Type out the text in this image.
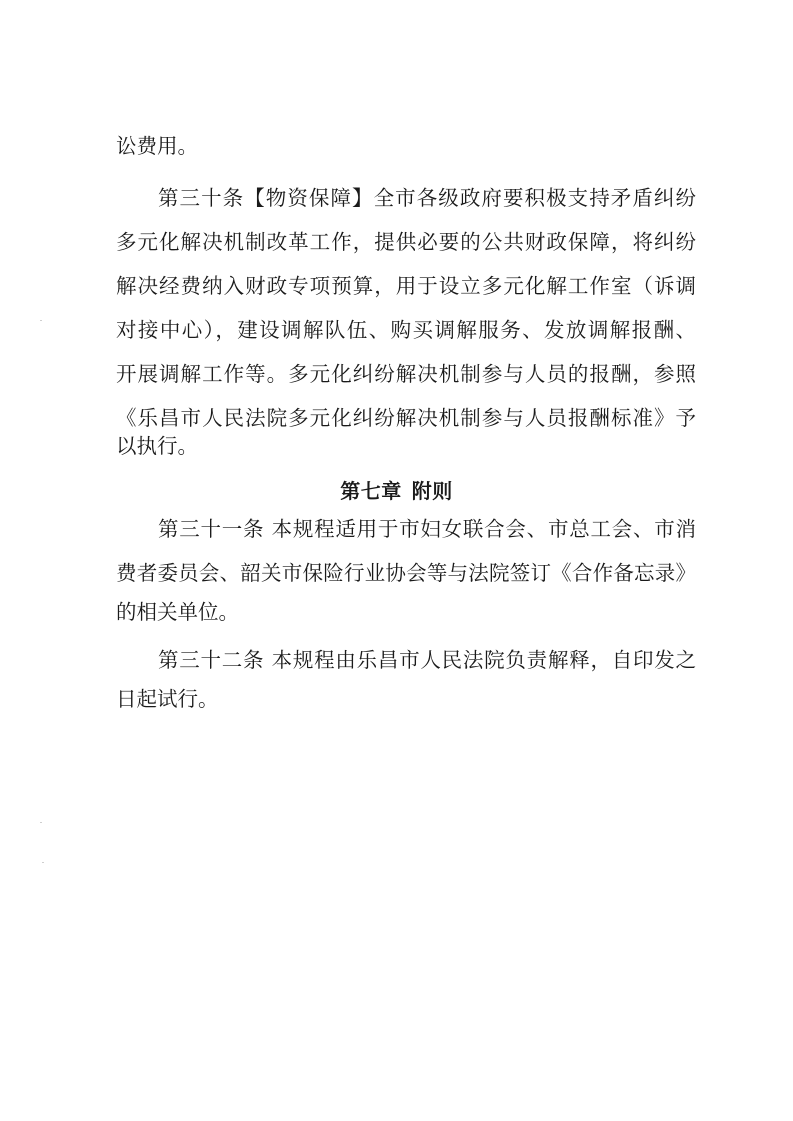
讼费用。
第三十条【物资保障】全市各级政府要积极支持矛盾纠纷
多元化解决机制改革工作，提供必要的公共财政保障，将纠纷
解决经费纳入财政专项预算，用于设立多元化解工作室（诉调
对接中心），建设调解队伍、购买调解服务、发放调解报酬、
开展调解工作等。多元化纠纷解决机制参与人员的报酬，参照
《乐昌市人民法院多元化纠纷解决机制参与人员报酬标准》予
以执行。
第七章 附则
第三十一条 本规程适用于市妇女联合会、市总工会、市消
费者委员会、韶关市保险行业协会等与法院签订《合作备忘录》
的相关单位。
第三十二条 本规程由乐昌市人民法院负责解释，自印发之
日起试行。
